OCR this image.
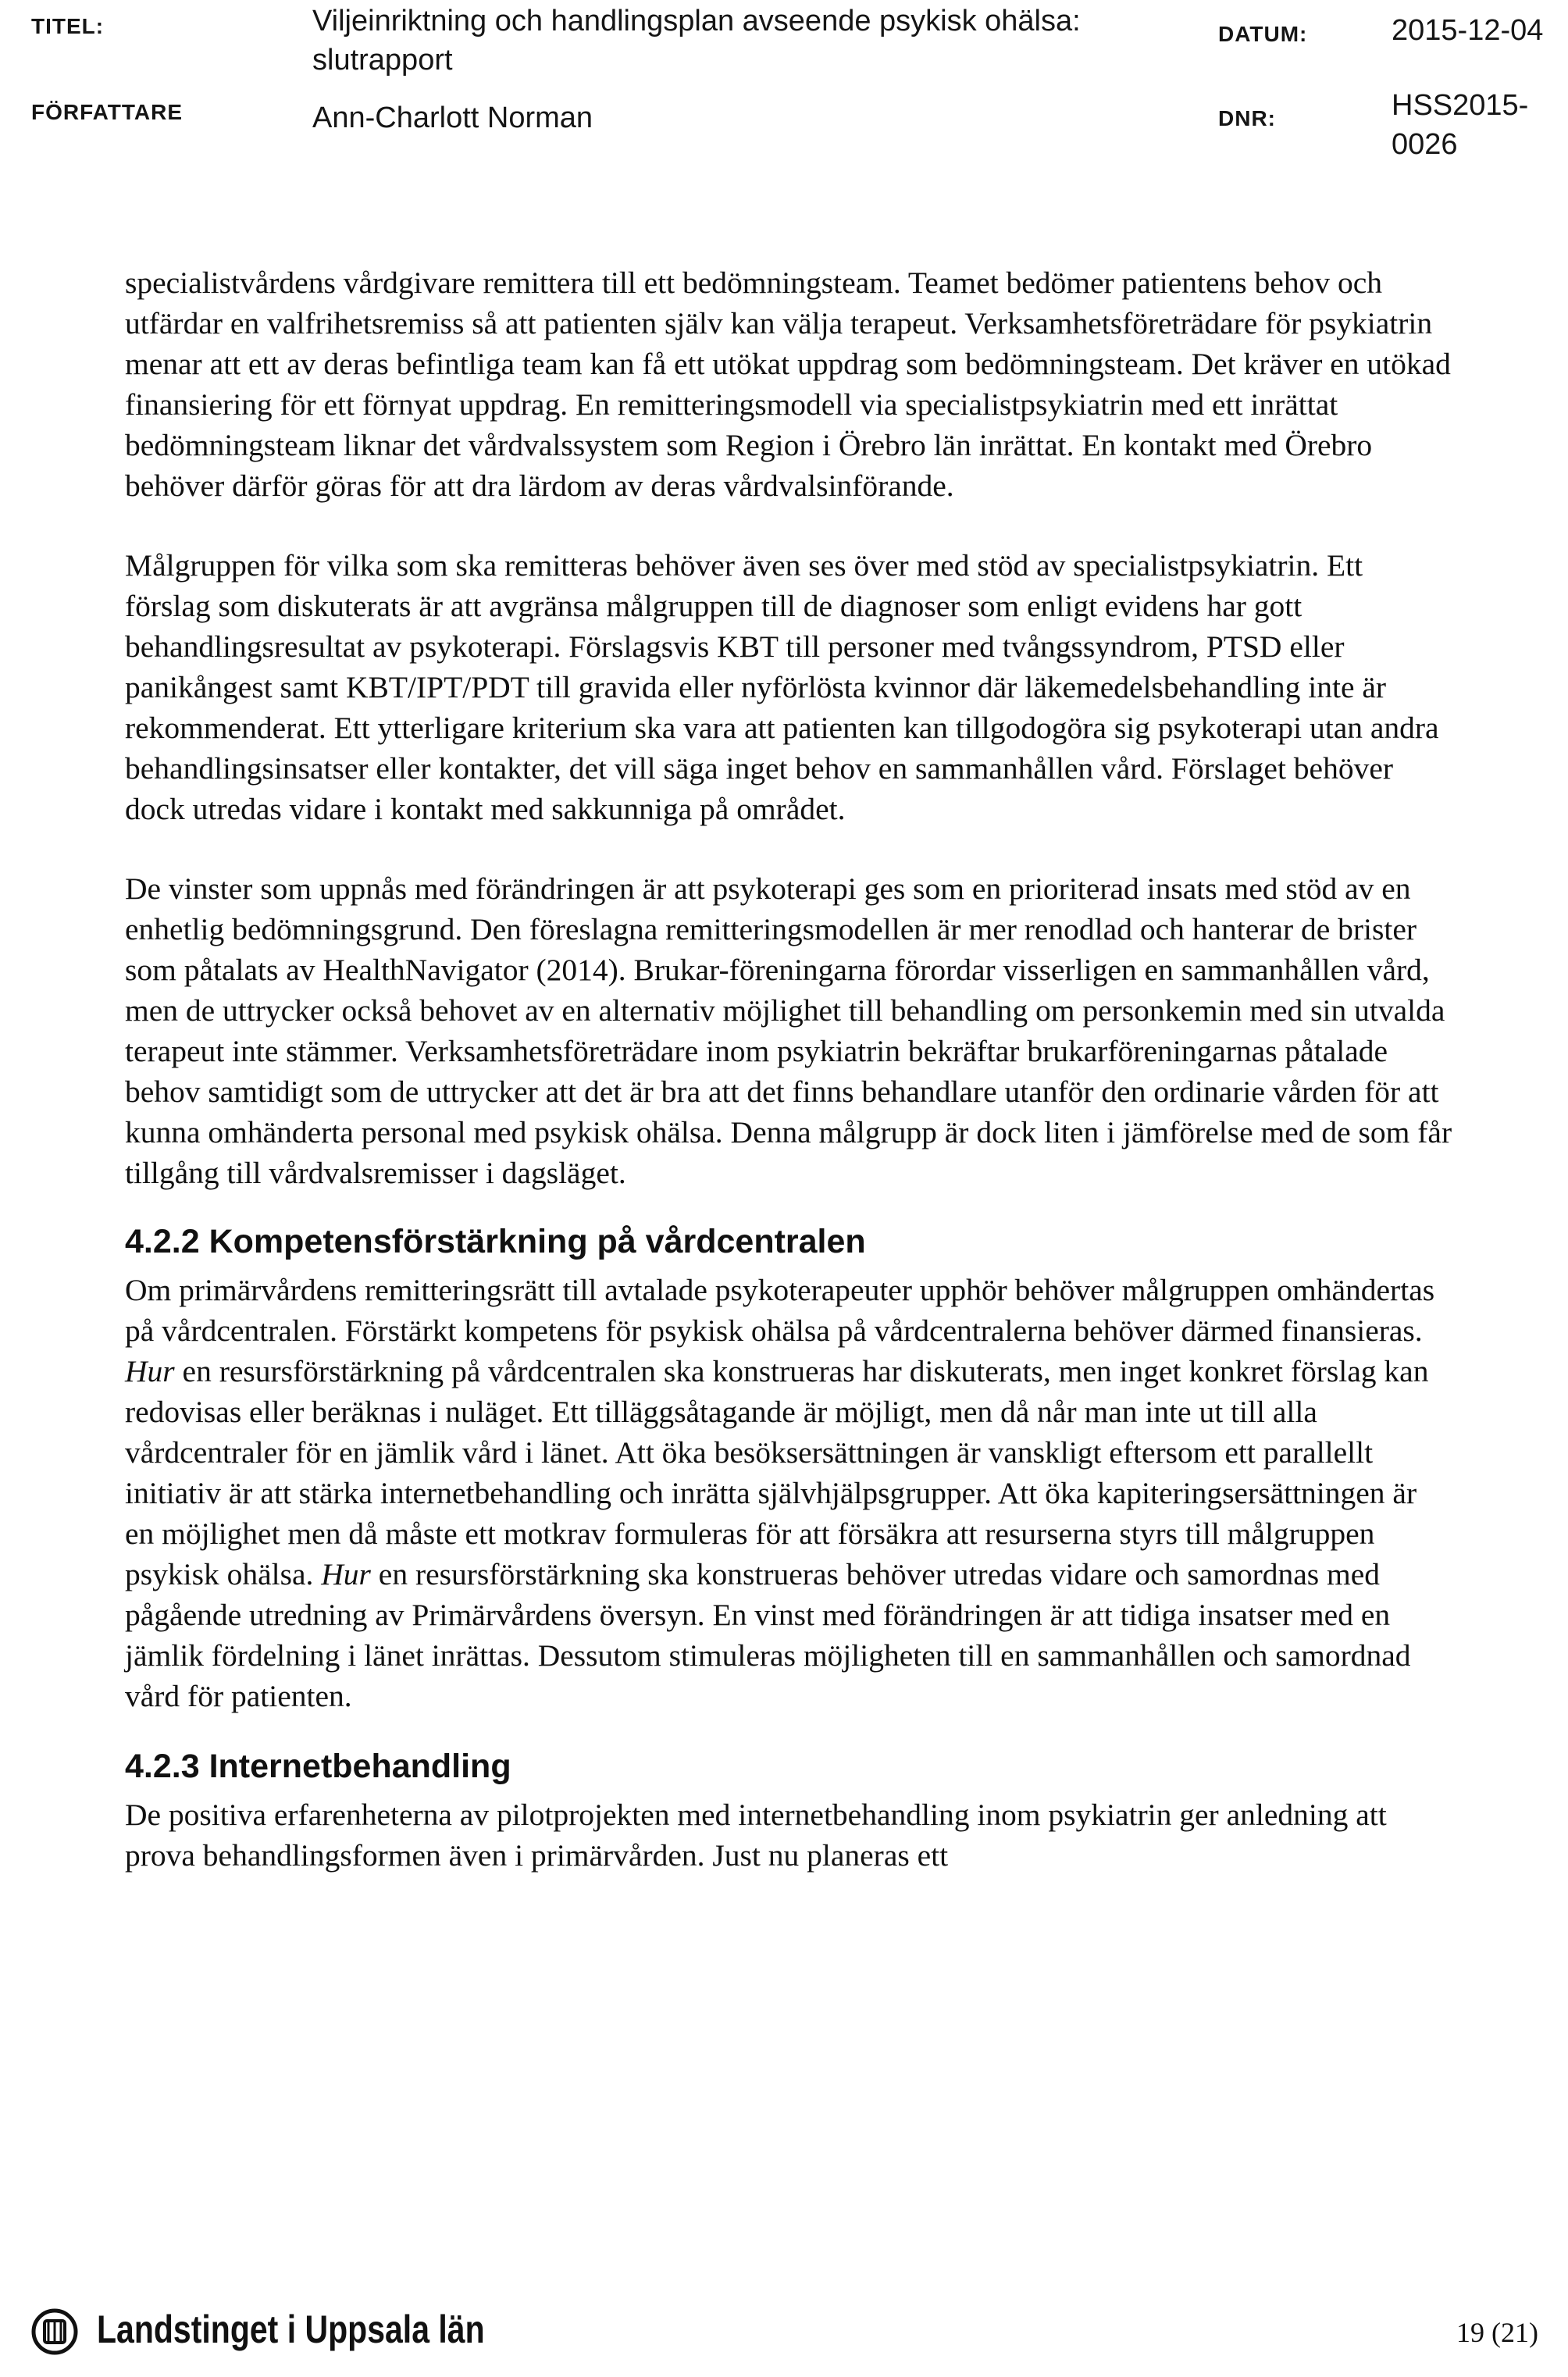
TITEL:	Viljeinriktning och handlingsplan avseende psykisk ohälsa: slutrapport
DATUM:	2015-12-04
FÖRFATTARE	Ann-Charlott Norman	DNR:	HSS2015-0026

specialistvårdens vårdgivare remittera till ett bedömningsteam. Teamet bedömer patientens behov och utfärdar en valfrihetsremiss så att patienten själv kan välja terapeut. Verksamhetsföreträdare för psykiatrin menar att ett av deras befintliga team kan få ett utökat uppdrag som bedömningsteam. Det kräver en utökad finansiering för ett förnyat uppdrag. En remitteringsmodell via specialistpsykiatrin med ett inrättat bedömningsteam liknar det vårdvalssystem som Region i Örebro län inrättat. En kontakt med Örebro behöver därför göras för att dra lärdom av deras vårdvalsinförande.

Målgruppen för vilka som ska remitteras behöver även ses över med stöd av specialistpsykiatrin. Ett förslag som diskuterats är att avgränsa målgruppen till de diagnoser som enligt evidens har gott behandlingsresultat av psykoterapi. Förslagsvis KBT till personer med tvångssyndrom, PTSD eller panikångest samt KBT/IPT/PDT till gravida eller nyförlösta kvinnor där läkemedelsbehandling inte är rekommenderat. Ett ytterligare kriterium ska vara att patienten kan tillgodogöra sig psykoterapi utan andra behandlingsinsatser eller kontakter, det vill säga inget behov en sammanhållen vård. Förslaget behöver dock utredas vidare i kontakt med sakkunniga på området.

De vinster som uppnås med förändringen är att psykoterapi ges som en prioriterad insats med stöd av en enhetlig bedömningsgrund. Den föreslagna remitteringsmodellen är mer renodlad och hanterar de brister som påtalats av HealthNavigator (2014). Brukar-föreningarna förordar visserligen en sammanhållen vård, men de uttrycker också behovet av en alternativ möjlighet till behandling om personkemin med sin utvalda terapeut inte stämmer. Verksamhetsföreträdare inom psykiatrin bekräftar brukarföreningarnas påtalade behov samtidigt som de uttrycker att det är bra att det finns behandlare utanför den ordinarie vården för att kunna omhänderta personal med psykisk ohälsa. Denna målgrupp är dock liten i jämförelse med de som får tillgång till vårdvalsremisser i dagsläget.

4.2.2 Kompetensförstärkning på vårdcentralen

Om primärvårdens remitteringsrätt till avtalade psykoterapeuter upphör behöver målgruppen omhändertas på vårdcentralen. Förstärkt kompetens för psykisk ohälsa på vårdcentralerna behöver därmed finansieras. Hur en resursförstärkning på vårdcentralen ska konstrueras har diskuterats, men inget konkret förslag kan redovisas eller beräknas i nuläget. Ett tilläggsåtagande är möjligt, men då når man inte ut till alla vårdcentraler för en jämlik vård i länet. Att öka besöksersättningen är vanskligt eftersom ett parallellt initiativ är att stärka internetbehandling och inrätta självhjälpsgrupper. Att öka kapiteringsersättningen är en möjlighet men då måste ett motkrav formuleras för att försäkra att resurserna styrs till målgruppen psykisk ohälsa. Hur en resursförstärkning ska konstrueras behöver utredas vidare och samordnas med pågående utredning av Primärvårdens översyn. En vinst med förändringen är att tidiga insatser med en jämlik fördelning i länet inrättas. Dessutom stimuleras möjligheten till en sammanhållen och samordnad vård för patienten.

4.2.3 Internetbehandling

De positiva erfarenheterna av pilotprojekten med internetbehandling inom psykiatrin ger anledning att prova behandlingsformen även i primärvården. Just nu planeras ett

Landstinget i Uppsala län	19 (21)
